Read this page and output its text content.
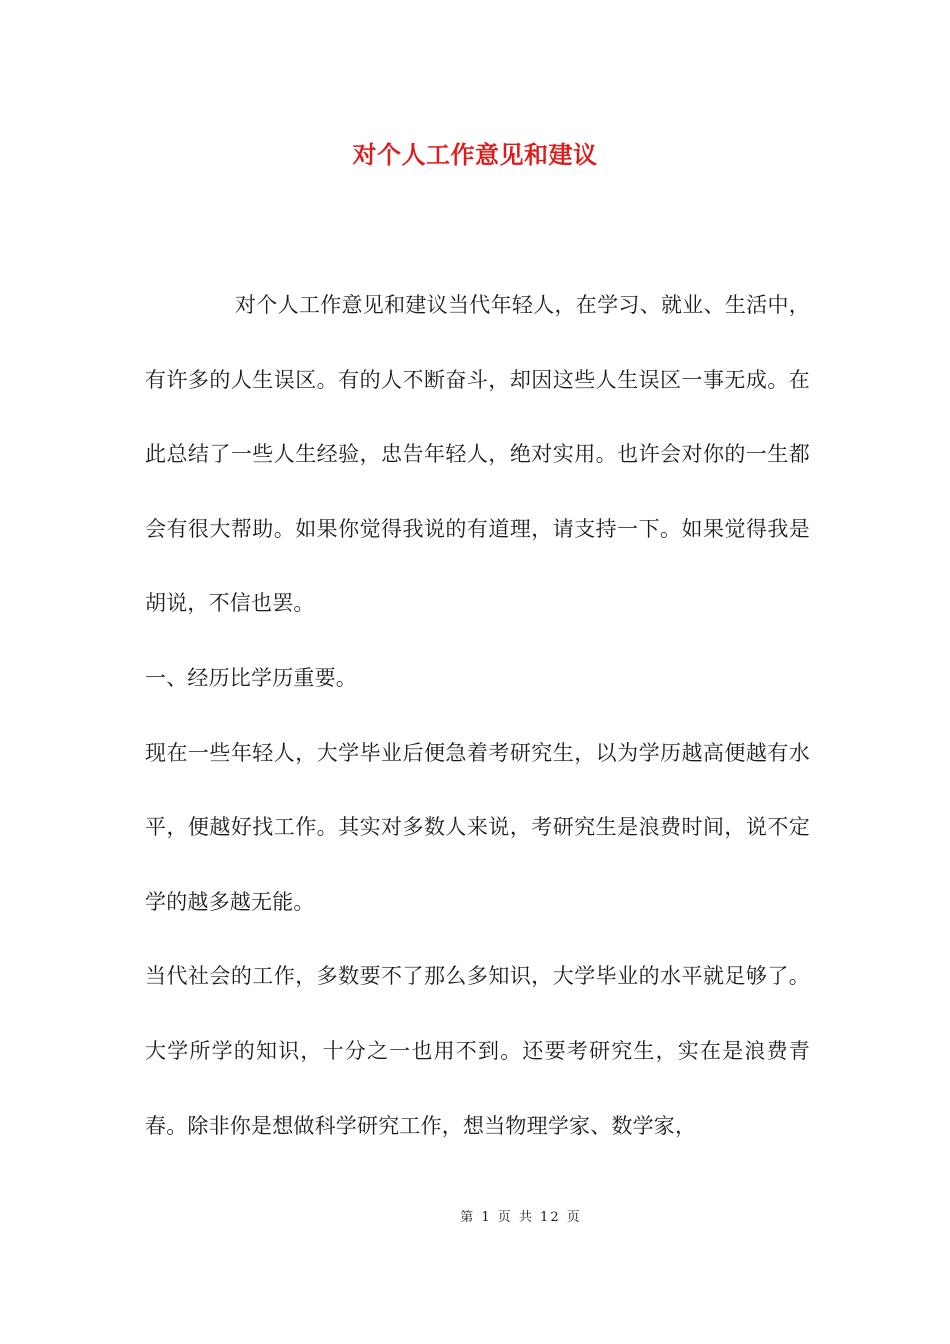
对个人工作意见和建议

对个人工作意见和建议当代年轻人，在学习、就业、生活中，有许多的人生误区。有的人不断奋斗，却因这些人生误区一事无成。在此总结了一些人生经验，忠告年轻人，绝对实用。也许会对你的一生都会有很大帮助。如果你觉得我说的有道理，请支持一下。如果觉得我是胡说，不信也罢。

一、经历比学历重要。

现在一些年轻人，大学毕业后便急着考研究生，以为学历越高便越有水平，便越好找工作。其实对多数人来说，考研究生是浪费时间，说不定学的越多越无能。

当代社会的工作，多数要不了那么多知识，大学毕业的水平就足够了。大学所学的知识，十分之一也用不到。还要考研究生，实在是浪费青春。除非你是想做科学研究工作，想当物理学家、数学家，

第 1 页 共 12 页
